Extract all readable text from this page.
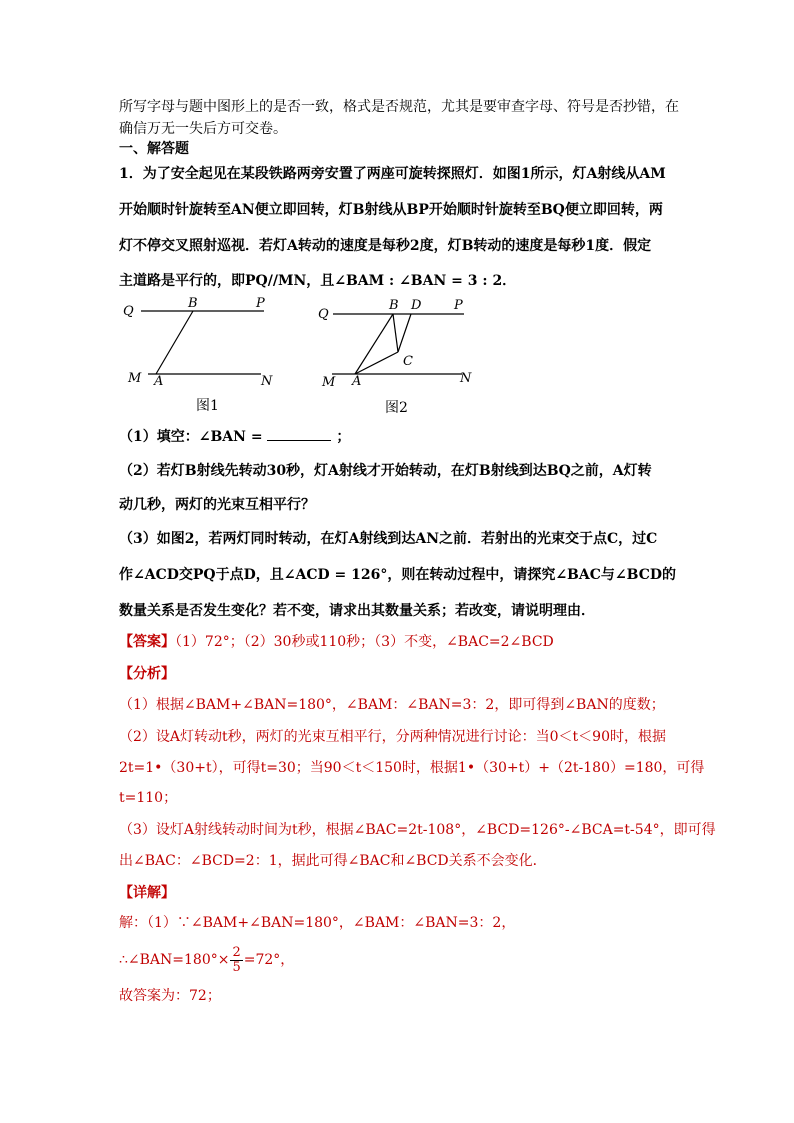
所写字母与题中图形上的是否一致，格式是否规范，尤其是要审查字母、符号是否抄错，在
确信万无一失后方可交卷。
一、解答题
1．为了安全起见在某段铁路两旁安置了两座可旋转探照灯．如图1所示，灯A射线从AM
开始顺时针旋转至AN便立即回转，灯B射线从BP开始顺时针旋转至BQ便立即回转，两
灯不停交叉照射巡视．若灯A转动的速度是每秒2度，灯B转动的速度是每秒1度．假定
主道路是平行的，即PQ//MN，且∠BAM : ∠BAN = 3 : 2．
Q
B	P
M A	N
图1
Q
B D	P
C
M A	N
图2
（1）填空：∠BAN =	；
（2）若灯B射线先转动30秒，灯A射线才开始转动，在灯B射线到达BQ之前，A灯转
动几秒，两灯的光束互相平行？
（3）如图2，若两灯同时转动，在灯A射线到达AN之前．若射出的光束交于点C，过C
作∠ACD交PQ于点D，且∠ACD = 126°，则在转动过程中，请探究∠BAC与∠BCD的
数量关系是否发生变化？若不变，请求出其数量关系；若改变，请说明理由．
【答案】（1）72°；（2）30秒或110秒；（3）不变，∠BAC=2∠BCD
【分析】
（1）根据∠BAM+∠BAN=180°，∠BAM：∠BAN=3：2，即可得到∠BAN的度数；
（2）设A灯转动t秒，两灯的光束互相平行，分两种情况进行讨论：当0＜t＜90时，根据
2t=1•（30+t），可得t=30；当90＜t＜150时，根据1•（30+t）+（2t-180）=180，可得
t=110；
（3）设灯A射线转动时间为t秒，根据∠BAC=2t-108°，∠BCD=126°-∠BCA=t-54°，即可得
出∠BAC：∠BCD=2：1，据此可得∠BAC和∠BCD关系不会变化．
【详解】
解：（1）∵∠BAM+∠BAN=180°，∠BAM：∠BAN=3：2，
∴∠BAN=180°× $\frac{2}{5} =72^\circ$，
故答案为：72；
